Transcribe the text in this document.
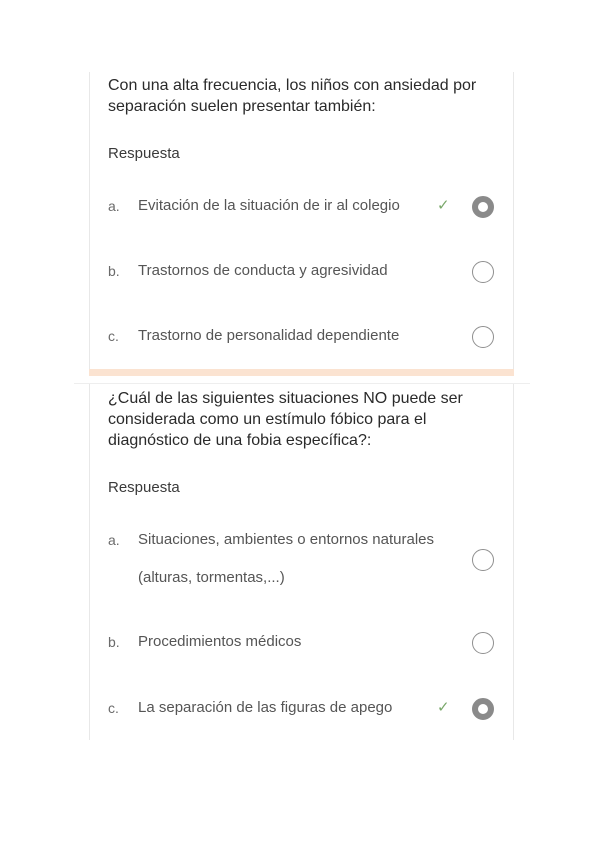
Con una alta frecuencia, los niños con ansiedad por separación suelen presentar también:
Respuesta
a. Evitación de la situación de ir al colegio ✓
b. Trastornos de conducta y agresividad
c. Trastorno de personalidad dependiente
¿Cuál de las siguientes situaciones NO puede ser considerada como un estímulo fóbico para el diagnóstico de una fobia específica?:
Respuesta
a. Situaciones, ambientes o entornos naturales (alturas, tormentas,...)
b. Procedimientos médicos
c. La separación de las figuras de apego	✓
